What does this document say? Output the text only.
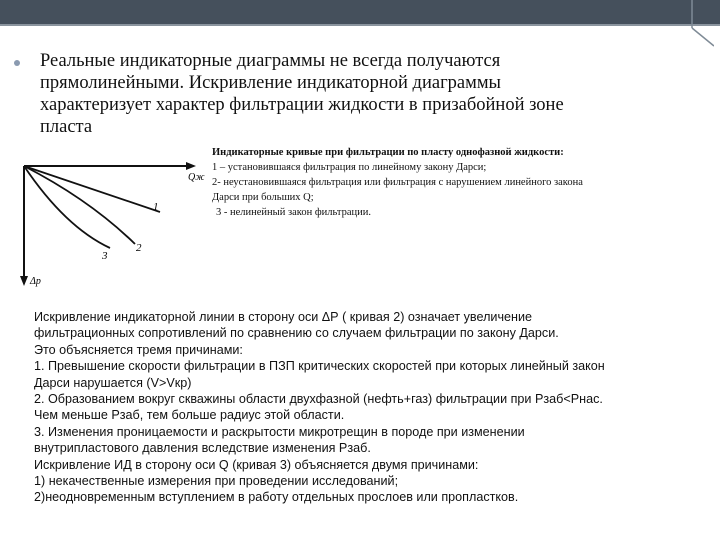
Реальные индикаторные диаграммы не всегда получаются
прямолинейными. Искривление индикаторной диаграммы
характеризует характер фильтрации жидкости в призабойной зоне
пласта
Qж
Δр
1
2
3
Индикаторные кривые при фильтрации по пласту однофазной жидкости:
1 – установившаяся фильтрация по линейному закону Дарси;
2- неустановившаяся фильтрация или фильтрация с нарушением линейного закона
Дарси при больших Q;
3 - нелинейный закон фильтрации.
Искривление индикаторной линии в сторону оси ΔР ( кривая 2) означает увеличение
фильтрационных сопротивлений по сравнению со случаем фильтрации по закону Дарси.
Это объясняется тремя причинами:
1. Превышение скорости фильтрации в ПЗП критических скоростей при которых линейный закон
Дарси нарушается (V>Vкр)
2. Образованием вокруг скважины области двухфазной (нефть+газ) фильтрации при Рзаб<Рнас.
Чем меньше Рзаб, тем больше радиус этой области.
3. Изменения проницаемости и раскрытости микротрещин в породе при изменении
внутрипластового давления вследствие изменения Рзаб.
Искривление ИД в сторону оси Q (кривая 3) объясняется двумя причинами:
1) некачественные измерения при проведении исследований;
2)неодновременным вступлением в работу отдельных прослоев или пропластков.
